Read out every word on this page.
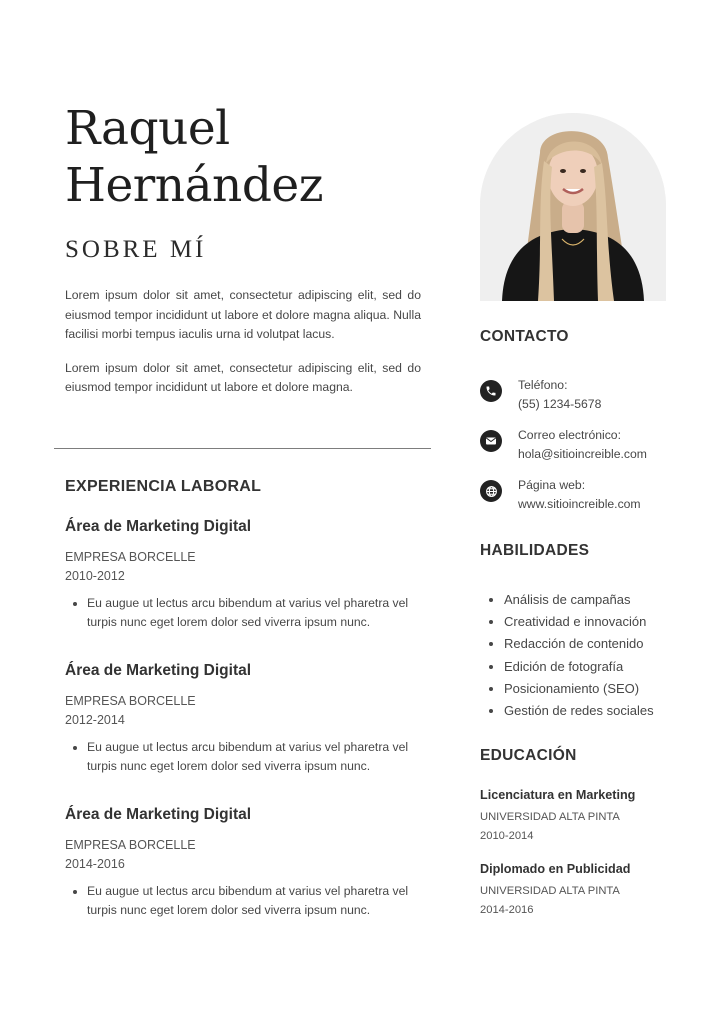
Raquel
Hernández
SOBRE MÍ

Lorem ipsum dolor sit amet, consectetur adipiscing elit, sed do eiusmod tempor incididunt ut labore et dolore magna aliqua. Nulla facilisi morbi tempus iaculis urna id volutpat lacus.

Lorem ipsum dolor sit amet, consectetur adipiscing elit, sed do eiusmod tempor incididunt ut labore et dolore magna.

EXPERIENCIA LABORAL

Área de Marketing Digital

EMPRESA BORCELLE

2010-2012

• Eu augue ut lectus arcu bibendum at varius vel pharetra vel turpis nunc eget lorem dolor sed viverra ipsum nunc.

Área de Marketing Digital

EMPRESA BORCELLE

2012-2014

• Eu augue ut lectus arcu bibendum at varius vel pharetra vel turpis nunc eget lorem dolor sed viverra ipsum nunc.

Área de Marketing Digital

EMPRESA BORCELLE

2014-2016

• Eu augue ut lectus arcu bibendum at varius vel pharetra vel turpis nunc eget lorem dolor sed viverra ipsum nunc.
CONTACTO
Teléfono:
(55) 1234-5678
Correo electrónico:
hola@sitioincreible.com
Página web:
www.sitioincreible.com
HABILIDADES
• Análisis de campañas
• Creatividad e innovación
• Redacción de contenido
• Edición de fotografía
• Posicionamiento (SEO)
• Gestión de redes sociales
EDUCACIÓN

Licenciatura en Marketing

UNIVERSIDAD ALTA PINTA

2010-2014

Diplomado en Publicidad

UNIVERSIDAD ALTA PINTA

2014-2016
